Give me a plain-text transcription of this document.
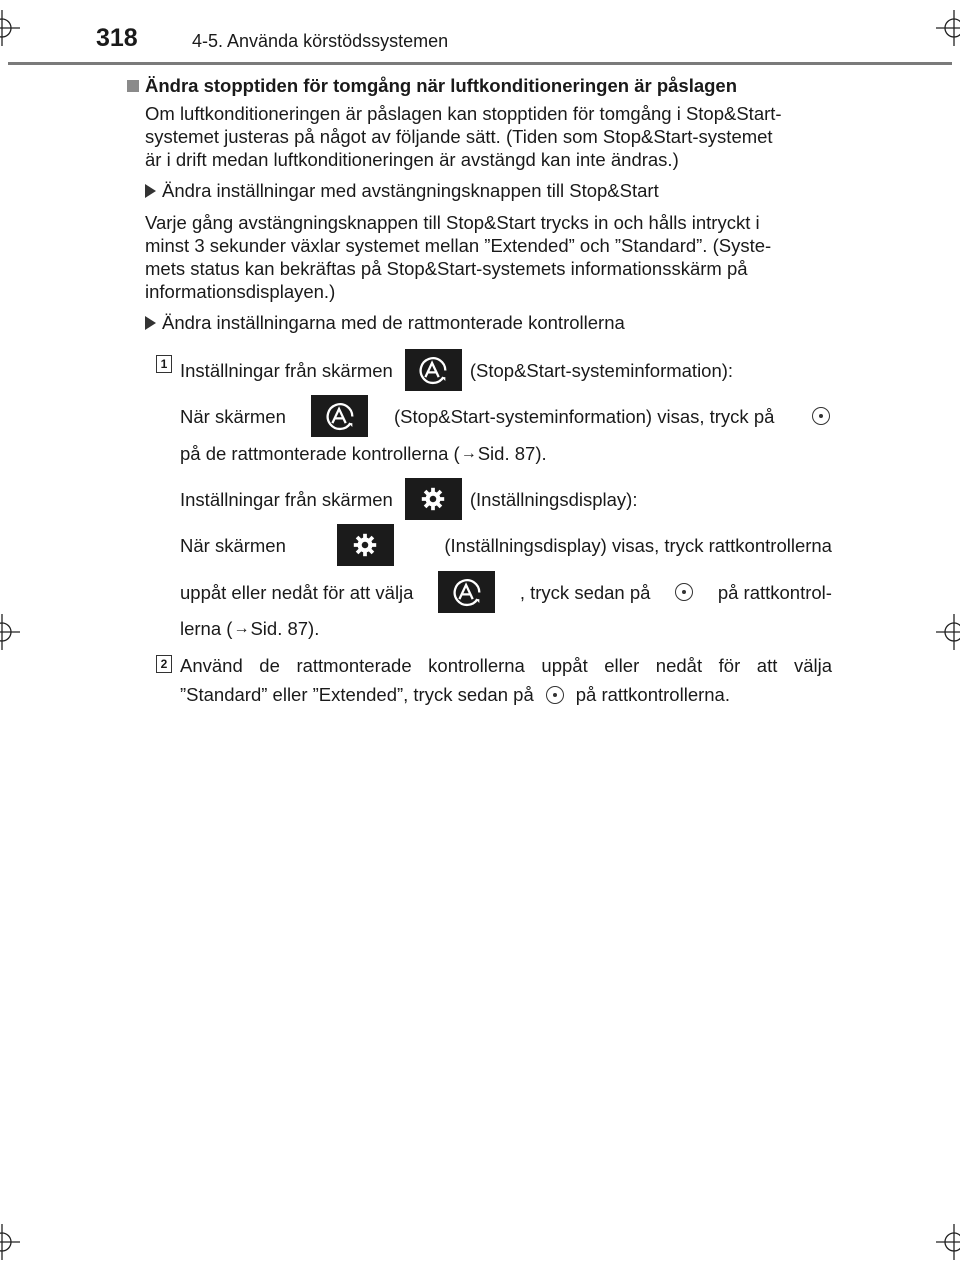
318	4-5. Använda körstödssystemen
Ändra stopptiden för tomgång när luftkonditioneringen är påslagen
Om luftkonditioneringen är påslagen kan stopptiden för tomgång i Stop&Start-
systemet justeras på något av följande sätt. (Tiden som Stop&Start-systemet
är i drift medan luftkonditioneringen är avstängd kan inte ändras.)
Ändra inställningar med avstängningsknappen till Stop&Start
Varje gång avstängningsknappen till Stop&Start trycks in och hålls intryckt i
minst 3 sekunder växlar systemet mellan ”Extended” och ”Standard”. (Syste-
mets status kan bekräftas på Stop&Start-systemets informationsskärm på
informationsdisplayen.)
Ändra inställningarna med de rattmonterade kontrollerna
1 Inställningar från skärmen	(Stop&Start-systeminformation):
När skärmen	(Stop&Start-systeminformation) visas, tryck på
på de rattmonterade kontrollerna ( → Sid. 87).
Inställningar från skärmen	(Inställningsdisplay):
När skärmen	(Inställningsdisplay) visas, tryck rattkontrollerna
uppåt eller nedåt för att välja	, tryck sedan på	på rattkontrol-
lerna ( → Sid. 87).
2 Använd de rattmonterade kontrollerna uppåt eller nedåt för att välja
”Standard” eller ”Extended”, tryck sedan på på rattkontrollerna.
